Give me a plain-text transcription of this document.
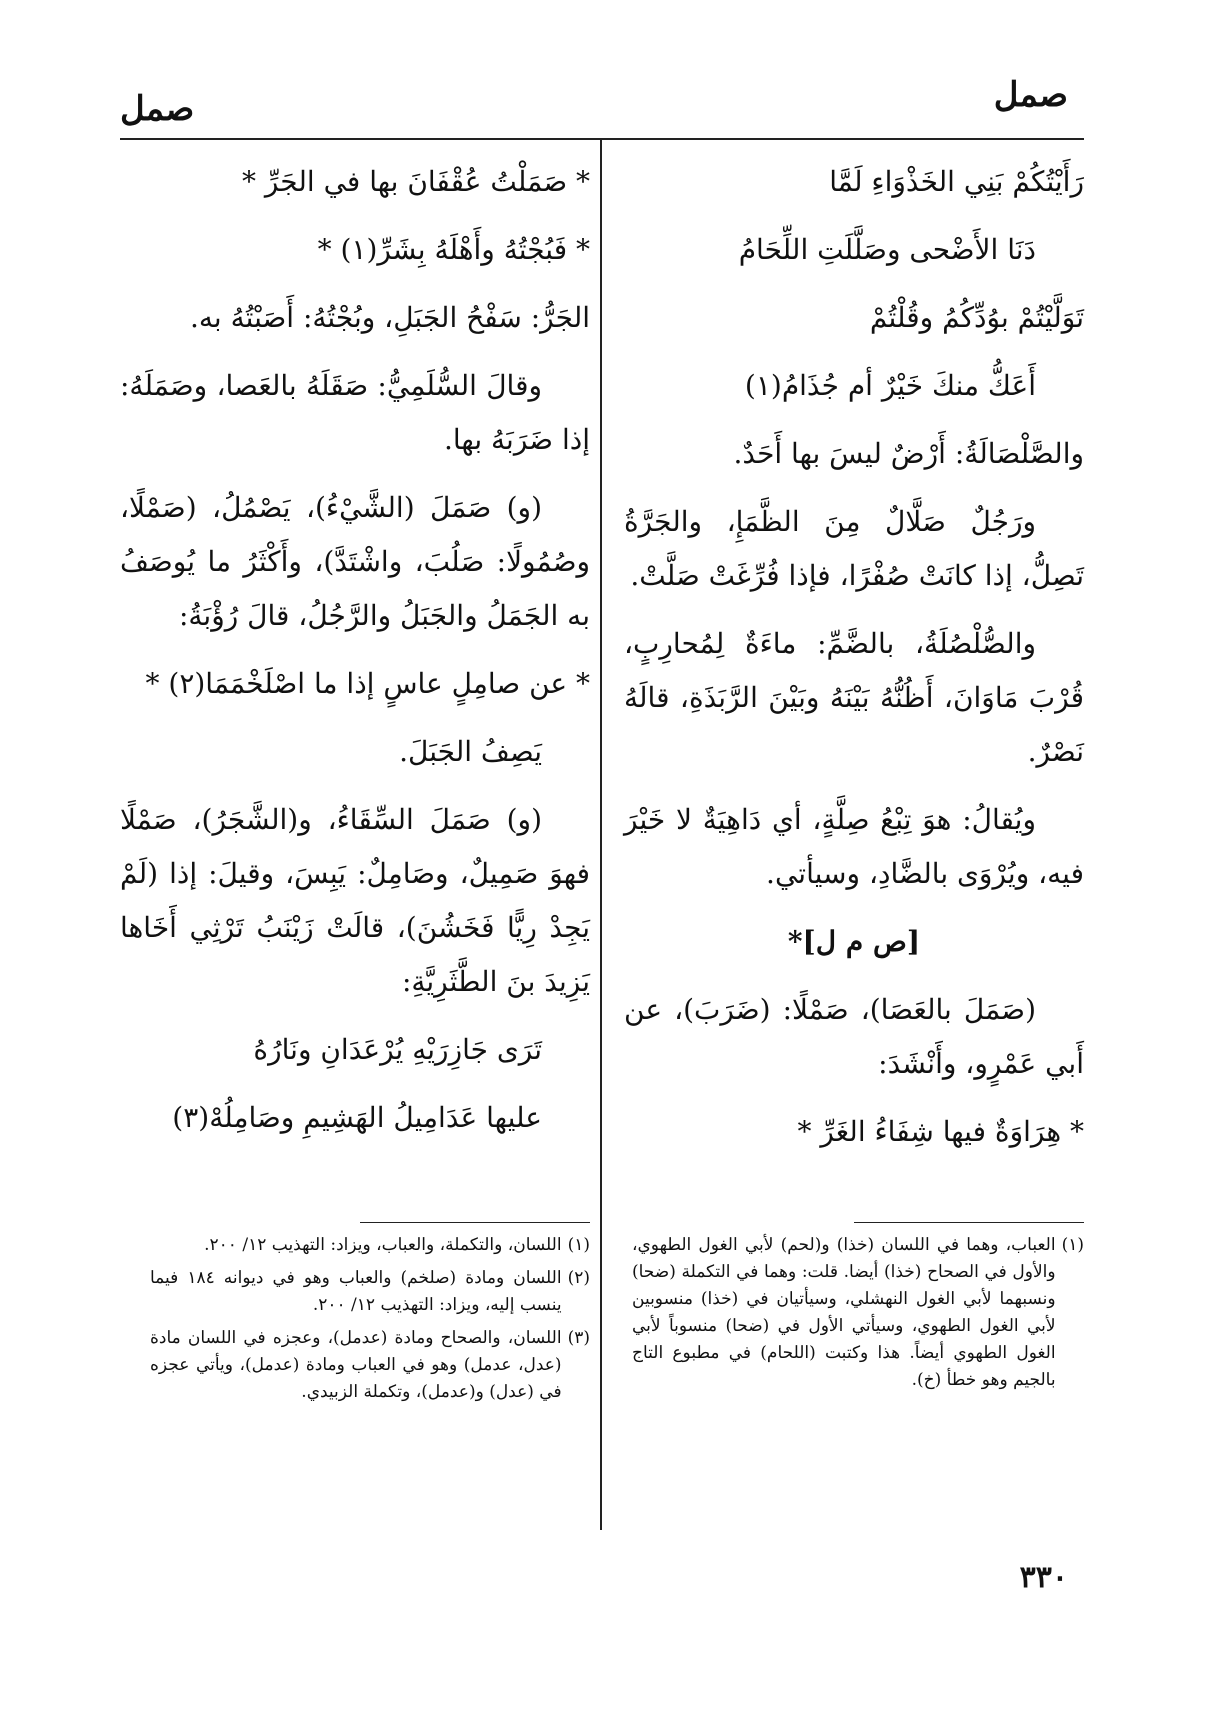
صمل
صمل

رَأَيْتُكُمْ بَنِي الخَذْوَاءِ لَمَّا

دَنَا الأَضْحى وصَلَّلَتِ اللِّحَامُ

تَوَلَّيْتُمْ بوُدِّكُمُ وقُلْتُمْ

أَعَكُّ منكَ خَيْرٌ أم جُذَامُ(١)

والصَّلْصَالَةُ: أَرْضٌ ليسَ بها أَحَدٌ.

ورَجُلٌ صَلَّالٌ مِنَ الظَّمَإِ، والجَرَّةُ تَصِلُّ، إذا كانَتْ صُفْرًا، فإذا فُرِّغَتْ صَلَّتْ.

والصُّلْصُلَةُ، بالضَّمِّ: ماءَةٌ لِمُحارِبٍ، قُرْبَ مَاوَانَ، أَظُنُّهُ بَيْنَهُ وبَيْنَ الرَّبَذَةِ، قالَهُ نَصْرٌ.

ويُقالُ: هوَ تِبْعُ صِلَّةٍ، أي دَاهِيَةٌ لا خَيْرَ فيه، ويُرْوَى بالضَّادِ، وسيأتي.

[ص م ل]*

(صَمَلَ بالعَصَا)، صَمْلًا: (ضَرَبَ)، عن أَبي عَمْرٍو، وأَنْشَدَ:

* هِرَاوَةٌ فيها شِفَاءُ الغَرِّ *

* صَمَلْتُ عُقْفَانَ بها في الجَرِّ *

* فَبُجْتُهُ وأَهْلَهُ بِشَرِّ(١) *

الجَرُّ: سَفْحُ الجَبَلِ، وبُجْتُهُ: أَصَبْتُهُ به.

وقالَ السُّلَمِيُّ: صَقَلَهُ بالعَصا، وصَمَلَهُ: إذا ضَرَبَهُ بها.

(و) صَمَلَ (الشَّيْءُ)، يَصْمُلُ، (صَمْلًا، وصُمُولًا: صَلُبَ، واشْتَدَّ)، وأَكْثَرُ ما يُوصَفُ به الجَمَلُ والجَبَلُ والرَّجُلُ، قالَ رُؤْبَةُ:

* عن صامِلٍ عاسٍ إذا ما اصْلَخْمَمَا(٢) *

يَصِفُ الجَبَلَ.

(و) صَمَلَ السِّقَاءُ، و(الشَّجَرُ)، صَمْلًا فهوَ صَمِيلٌ، وصَامِلٌ: يَبِسَ، وقيلَ: إذا (لَمْ يَجِدْ رِيًّا فَخَشُنَ)، قالَتْ زَيْنَبُ تَرْثِي أَخَاها يَزِيدَ بنَ الطَّثَرِيَّةِ:

تَرَى جَازِرَيْهِ يُرْعَدَانِ ونَارُهُ

عليها عَدَامِيلُ الهَشِيمِ وصَامِلُهْ(٣)

(١)
العباب، وهما في اللسان (خذا) و(لحم) لأبي الغول الطهوي، والأول في الصحاح (خذا) أيضا. قلت: وهما في التكملة (ضحا) ونسبهما لأبي الغول النهشلي، وسيأتيان في (خذا) منسوبين لأبي الغول الطهوي، وسيأتي الأول في (ضحا) منسوباً لأبي الغول الطهوي أيضاً. هذا وكتبت (اللحام) في مطبوع التاج بالجيم وهو خطأ (خ).
(١)
اللسان، والتكملة، والعباب، ويزاد: التهذيب ١٢/ ٢٠٠.
(٢)
اللسان ومادة (صلخم) والعباب وهو في ديوانه ١٨٤ فيما ينسب إليه، ويزاد: التهذيب ١٢/ ٢٠٠.
(٣)
اللسان، والصحاح ومادة (عدمل)، وعجزه في اللسان مادة (عدل، عدمل) وهو في العباب ومادة (عدمل)، ويأتي عجزه في (عدل) و(عدمل)، وتكملة الزبيدي.
٣٣٠
